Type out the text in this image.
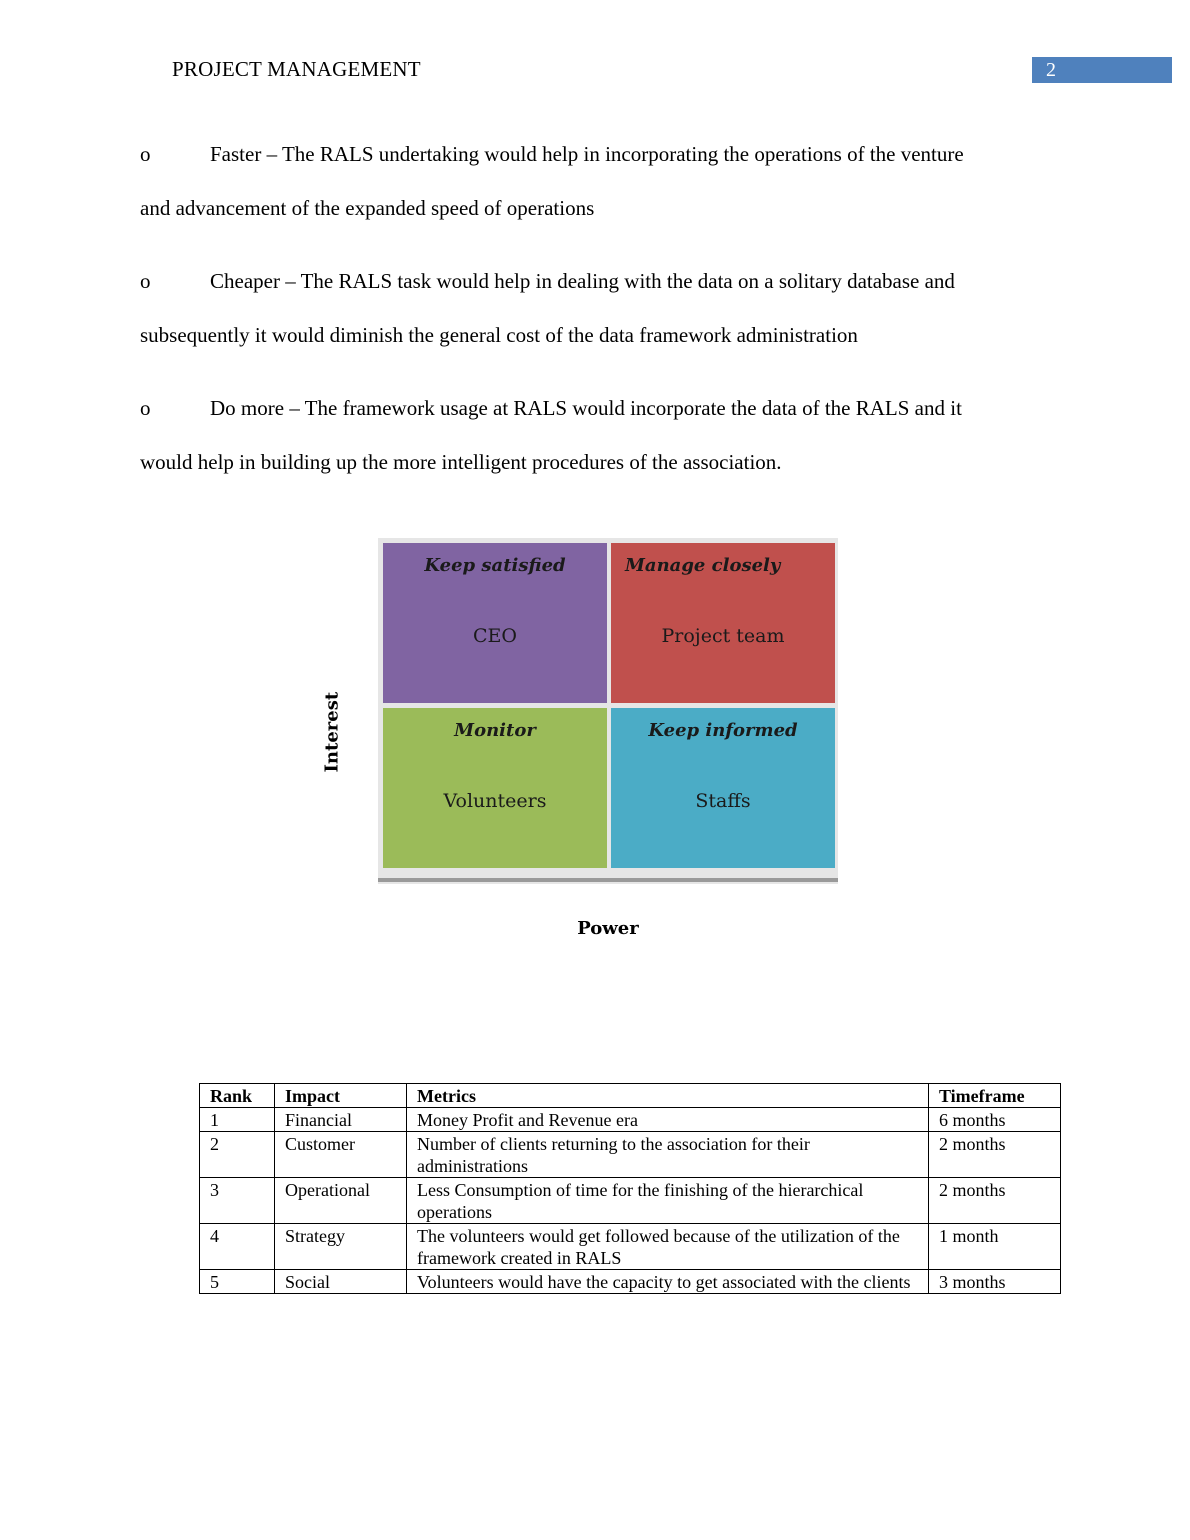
PROJECT MANAGEMENT	2
o	Faster – The RALS undertaking would help in incorporating the operations of the venture
and advancement of the expanded speed of operations
o	Cheaper – The RALS task would help in dealing with the data on a solitary database and
subsequently it would diminish the general cost of the data framework administration
o	Do more – The framework usage at RALS would incorporate the data of the RALS and it
would help in building up the more intelligent procedures of the association.
Interest
Keep satisfied
CEO
Manage closely
Project team
Monitor
Volunteers
Keep informed
Staffs
Power
Rank	Impact	Metrics	Timeframe
1	Financial	Money Profit and Revenue era	6 months
2	Customer	Number of clients returning to the association for their administrations	2 months
3	Operational	Less Consumption of time for the finishing of the hierarchical operations	2 months
4	Strategy	The volunteers would get followed because of the utilization of the framework created in RALS	1 month
5	Social	Volunteers would have the capacity to get associated with the clients	3 months
